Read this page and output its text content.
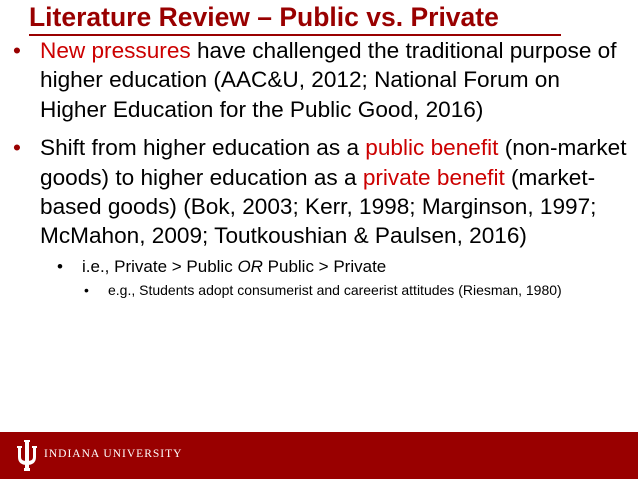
Literature Review – Public vs. Private
• New pressures have challenged the traditional purpose of higher education (AAC&U, 2012; National Forum on Higher Education for the Public Good, 2016)
• Shift from higher education as a public benefit (non-market goods) to higher education as a private benefit (market-based goods) (Bok, 2003; Kerr, 1998; Marginson, 1997; McMahon, 2009; Toutkoushian & Paulsen, 2016)
• i.e., Private > Public OR Public > Private
• e.g., Students adopt consumerist and careerist attitudes (Riesman, 1980)
INDIANA UNIVERSITY
